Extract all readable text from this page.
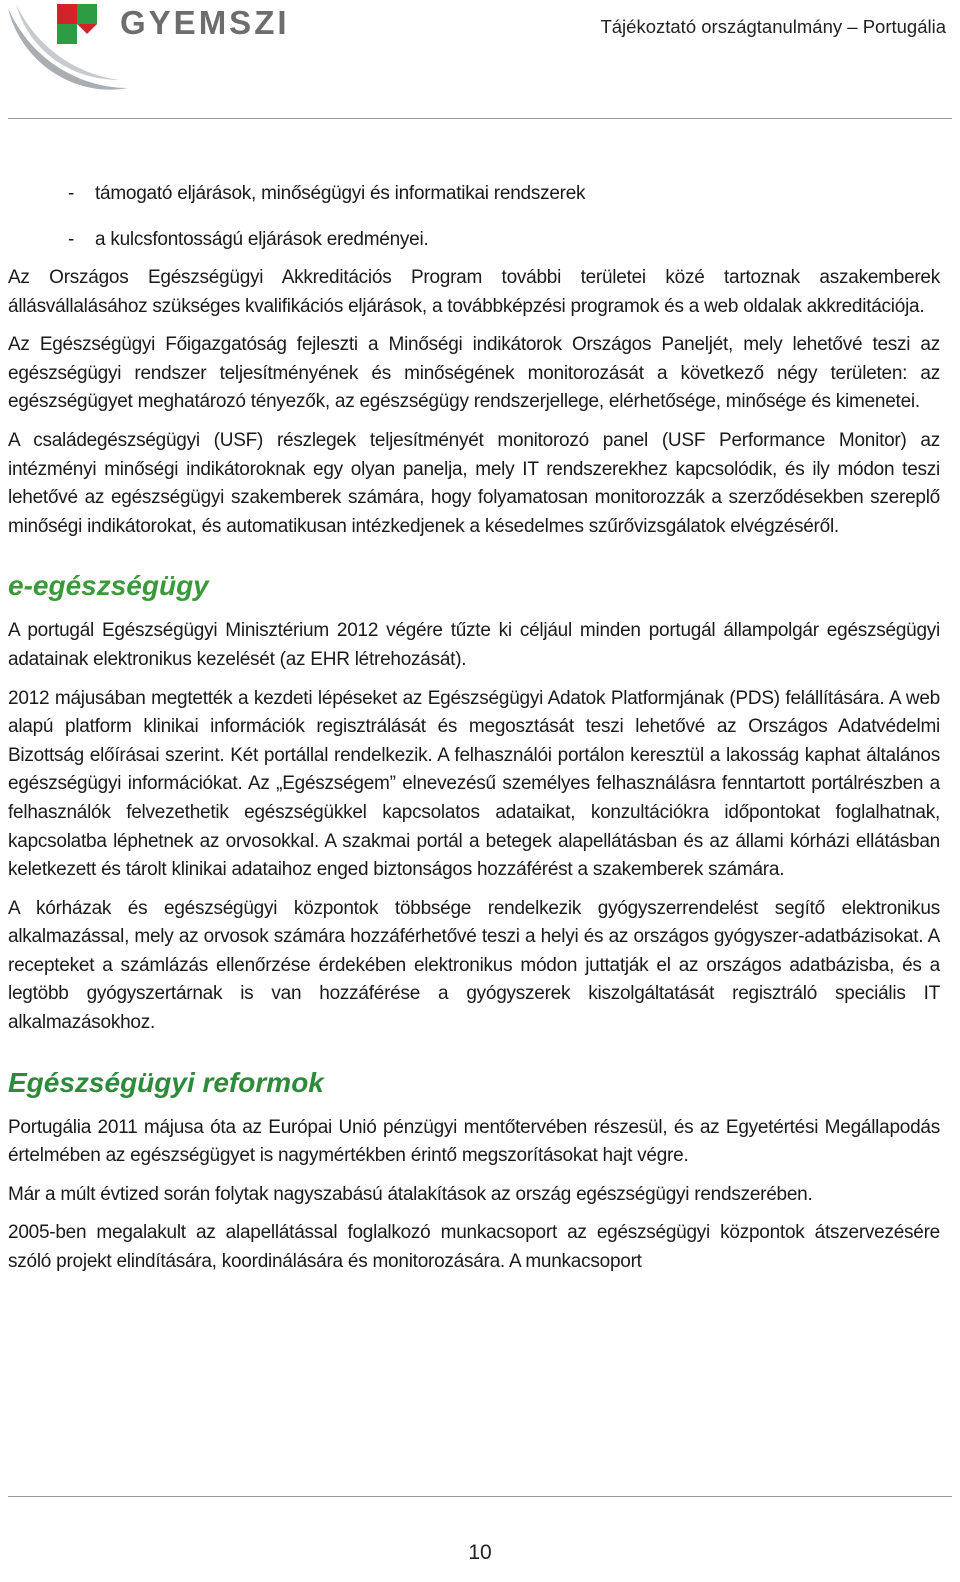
GYEMSZI	Tájékoztató országtanulmány – Portugália
- támogató eljárások, minőségügyi és informatikai rendszerek
- a kulcsfontosságú eljárások eredményei.

Az Országos Egészségügyi Akkreditációs Program további területei közé tartoznak aszakemberek állásvállalásához szükséges kvalifikációs eljárások, a továbbképzési programok és a web oldalak akkreditációja.

Az Egészségügyi Főigazgatóság fejleszti a Minőségi indikátorok Országos Paneljét, mely lehetővé teszi az egészségügyi rendszer teljesítményének és minőségének monitorozását a következő négy területen: az egészségügyet meghatározó tényezők, az egészségügy rendszerjellege, elérhetősége, minősége és kimenetei.

A családegészségügyi (USF) részlegek teljesítményét monitorozó panel (USF Performance Monitor) az intézményi minőségi indikátoroknak egy olyan panelja, mely IT rendszerekhez kapcsolódik, és ily módon teszi lehetővé az egészségügyi szakemberek számára, hogy folyamatosan monitorozzák a szerződésekben szereplő minőségi indikátorokat, és automatikusan intézkedjenek a késedelmes szűrővizsgálatok elvégzéséről.

e-egészségügy

A portugál Egészségügyi Minisztérium 2012 végére tűzte ki céljául minden portugál állampolgár egészségügyi adatainak elektronikus kezelését (az EHR létrehozását).

2012 májusában megtették a kezdeti lépéseket az Egészségügyi Adatok Platformjának (PDS) felállítására. A web alapú platform klinikai információk regisztrálását és megosztását teszi lehetővé az Országos Adatvédelmi Bizottság előírásai szerint. Két portállal rendelkezik. A felhasználói portálon keresztül a lakosság kaphat általános egészségügyi információkat. Az „Egészségem” elnevezésű személyes felhasználásra fenntartott portálrészben a felhasználók felvezethetik egészségükkel kapcsolatos adataikat, konzultációkra időpontokat foglalhatnak, kapcsolatba léphetnek az orvosokkal. A szakmai portál a betegek alapellátásban és az állami kórházi ellátásban keletkezett és tárolt klinikai adataihoz enged biztonságos hozzáférést a szakemberek számára.

A kórházak és egészségügyi központok többsége rendelkezik gyógyszerrendelést segítő elektronikus alkalmazással, mely az orvosok számára hozzáférhetővé teszi a helyi és az országos gyógyszer-adatbázisokat. A recepteket a számlázás ellenőrzése érdekében elektronikus módon juttatják el az országos adatbázisba, és a legtöbb gyógyszertárnak is van hozzáférése a gyógyszerek kiszolgáltatását regisztráló speciális IT alkalmazásokhoz.

Egészségügyi reformok

Portugália 2011 májusa óta az Európai Unió pénzügyi mentőtervében részesül, és az Egyetértési Megállapodás értelmében az egészségügyet is nagymértékben érintő megszorításokat hajt végre.

Már a múlt évtized során folytak nagyszabású átalakítások az ország egészségügyi rendszerében.

2005-ben megalakult az alapellátással foglalkozó munkacsoport az egészségügyi központok átszervezésére szóló projekt elindítására, koordinálására és monitorozására. A munkacsoport

10
